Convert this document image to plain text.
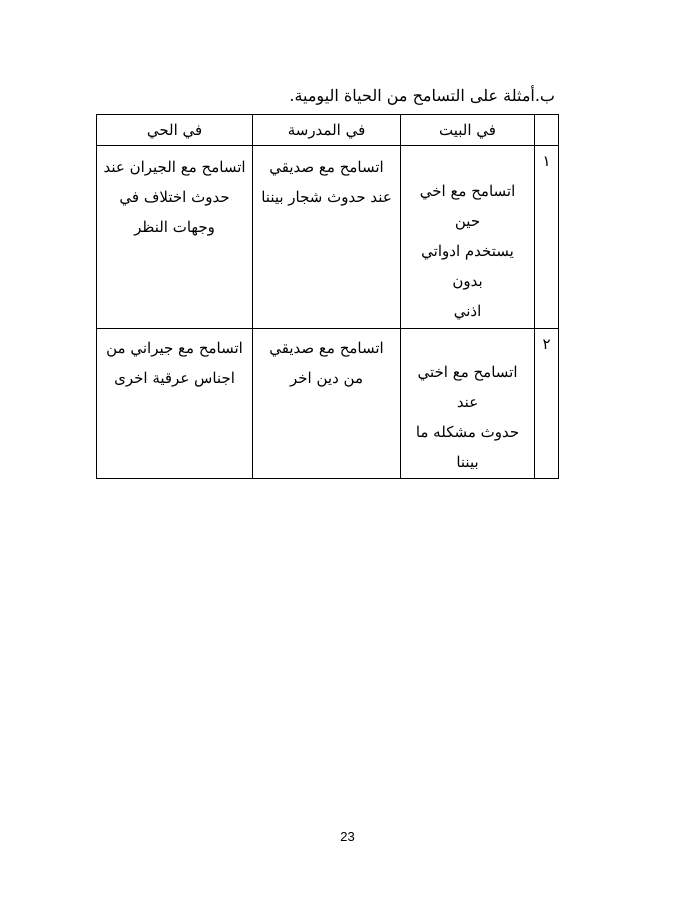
ب.أمثلة على التسامح من الحياة اليومية.
	في البيت	في المدرسة	في الحي
١	اتسامح مع اخي حين
يستخدم ادواتي بدون
اذني	اتسامح مع صديقي
عند حدوث شجار بيننا	اتسامح مع الجيران عند
حدوث اختلاف في
وجهات النظر

٢	اتسامح مع اختي عند
حدوث مشكله ما بيننا	اتسامح مع صديقي
من دين اخر	اتسامح مع جيراني من
اجناس عرقية اخرى
23
